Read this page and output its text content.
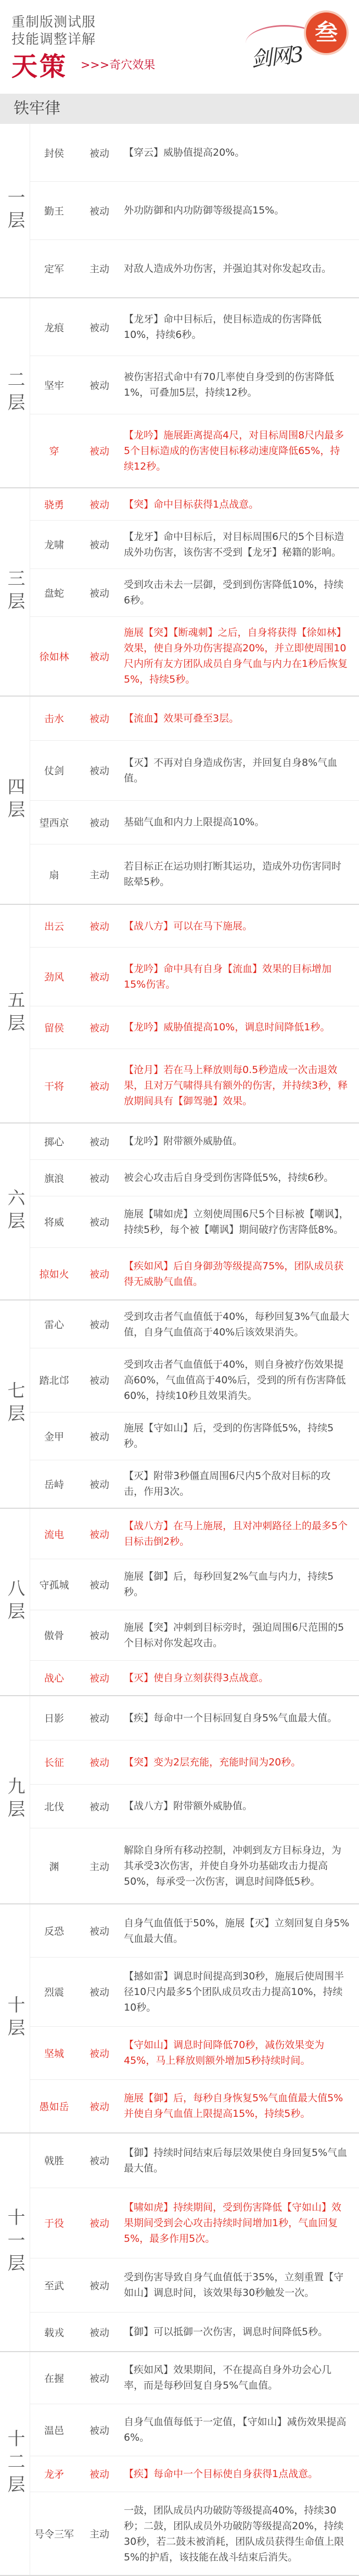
重制版测试服
技能调整详解
天策 >>>奇穴效果	剑网3
叁
铁牢律
一层
封侯	被动	【穿云】威胁值提高20%。
勤王	被动	外功防御和内功防御等级提高15%。
定军	主动	对敌人造成外功伤害，并强迫其对你发起攻击。
二层
龙痕	被动
【龙牙】命中目标后，使目标造成的伤害降低10%，持续6秒。
坚牢	被动
被伤害招式命中有70几率使自身受到的伤害降低1%，可叠加5层，持续12秒。
穿	被动
【龙吟】施展距离提高4尺，对目标周围8尺内最多5个目标造成的伤害使目标移动速度降低65%，持续12秒。
三层
骁勇	被动	【突】命中目标获得1点战意。
龙啸	被动
【龙牙】命中目标后，对目标周围6尺的5个目标造成外功伤害，该伤害不受到【龙牙】秘籍的影响。
盘蛇	被动
受到攻击未去一层御，受到到伤害降低10%，持续6秒。
徐如林	被动
施展【突】【断魂刺】之后，自身将获得【徐如林】效果，使自身外功伤害提高20%，并立即使周围10尺内所有友方团队成员自身气血与内力在1秒后恢复5%，持续5秒。
四层
击水	被动	【流血】效果可叠至3层。
仗剑	被动
【灭】不再对自身造成伤害，并回复自身8%气血值。
望西京	被动	基础气血和内力上限提高10%。
扇	主动
若目标正在运功则打断其运功，造成外功伤害同时眩晕5秒。
五层
出云	被动	【战八方】可以在马下施展。
劲风	被动
【龙吟】命中具有自身【流血】效果的目标增加15%伤害。
留侯	被动	【龙吟】威胁值提高10%，调息时间降低1秒。
干将	被动
【沧月】若在马上释放则每0.5秒造成一次击退效果，且对万气啸得具有额外的伤害，并持续3秒，释放期间具有【御驾驰】效果。
六层
掷心	被动	【龙吟】附带额外威胁值。
旗浪	被动	被会心攻击后自身受到伤害降低5%，持续6秒。
将威	被动
施展【啸如虎】立刻使周围6尺5个目标被【嘲讽】，持续5秒，每个被【嘲讽】期间破疗伤害降低8%。
掠如火	被动
【疾如风】后自身御劲等级提高75%，团队成员获得无威胁气血值。
七层
雷心	被动
受到攻击者气血值低于40%，每秒回复3%气血最大值，自身气血值高于40%后该效果消失。
踏北邙	被动
受到攻击者气血值低于40%，则自身被疗伤效果提高60%，气血值高于40%后，受到的所有伤害降低60%，持续10秒且效果消失。
金甲	被动
施展【守如山】后，受到的伤害降低5%，持续5秒。
岳峙	被动
【灭】附带3秒僵直周围6尺内5个敌对目标的攻击，作用3次。
八层
流电	被动
【战八方】在马上施展，且对冲刺路径上的最多5个目标击倒2秒。
守孤城	被动
施展【御】后，每秒回复2%气血与内力，持续5秒。
傲骨	被动
施展【突】冲刺到目标旁时，强迫周围6尺范围的5个目标对你发起攻击。
战心	被动	【灭】使自身立刻获得3点战意。
九层
日影	被动	【疾】每命中一个目标回复自身5%气血最大值。
长征	被动	【突】变为2层充能，充能时间为20秒。
北伐	被动	【战八方】附带额外威胁值。
渊	主动
解除自身所有移动控制，冲刺到友方目标身边，为其承受3次伤害，并使自身外功基础攻击力提高50%，每承受一次伤害，调息时间降低5秒。
十层
反恐	被动
自身气血值低于50%，施展【灭】立刻回复自身5%气血最大值。
烈震	被动
【撼如雷】调息时间提高到30秒，施展后使周围半径10尺内最多5个团队成员攻击力提高10%，持续10秒。
坚城	被动
【守如山】调息时间降低70秒，减伤效果变为45%，马上释放则额外增加5秒持续时间。
愚如岳	被动
施展【御】后，每秒自身恢复5%气血值最大值5%并使自身气血值上限提高15%，持续5秒。
十一层
戟胜	被动
【御】持续时间结束后每层效果使自身回复5%气血最大值。
于役	被动
【啸如虎】持续期间，受到伤害降低【守如山】效果期间受到会心攻击持续时间增加1秒，气血回复5%，最多作用5次。
至武	被动
受到伤害导致自身气血值低于35%，立刻重置【守如山】调息时间，该效果每30秒触发一次。
载戎	被动	【御】可以抵御一次伤害，调息时间降低5秒。
十二层
在握	被动
【疾如风】效果期间，不在提高自身外功会心几率，而是每秒回复自身5%气血值。
温邑	被动
自身气血值每低于一定值，【守如山】减伤效果提高6%。
龙矛	被动	【疾】每命中一个目标使自身获得1点战意。
号令三军	主动
一鼓，团队成员内功破防等级提高40%，持续30秒；二鼓，团队成员外功破防等级提高20%，持续30秒，若二鼓未被消耗，团队成员获得生命值上限5%的护盾，该技能在战斗结束后消失。
